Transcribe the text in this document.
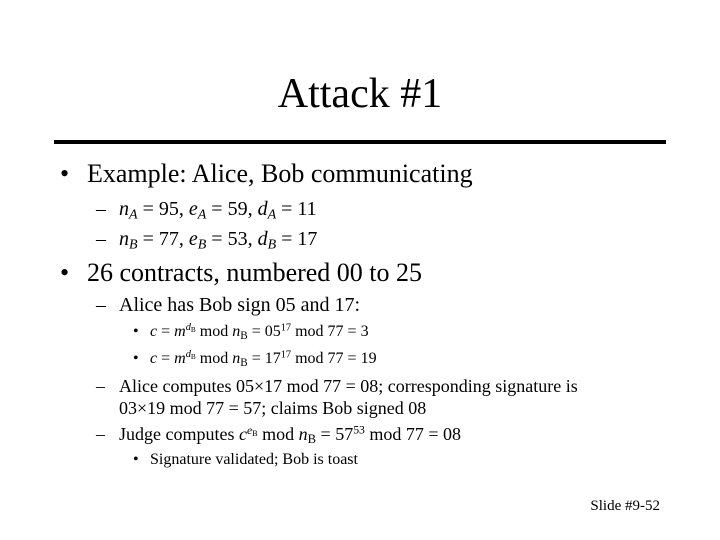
Attack #1
• Example: Alice, Bob communicating
– $n_A = 95$, $e_A = 59$, $d_A = 11$
– $n_B = 77$, $e_B = 53$, $d_B = 17$
• 26 contracts, numbered 00 to 25
– Alice has Bob sign 05 and 17:
• $c = m^{d_B}$ mod $n_B = 05^{17}$ mod 77 = 3
• $c = m^{d_B}$ mod $n_B = 17^{17}$ mod 77 = 19
– Alice computes 05×17 mod 77 = 08; corresponding signature is
03×19 mod 77 = 57; claims Bob signed 08
– Judge computes $c^{e_B}$ mod $n_B = 57^{53}$ mod 77 = 08
• Signature validated; Bob is toast
Slide #9-52
